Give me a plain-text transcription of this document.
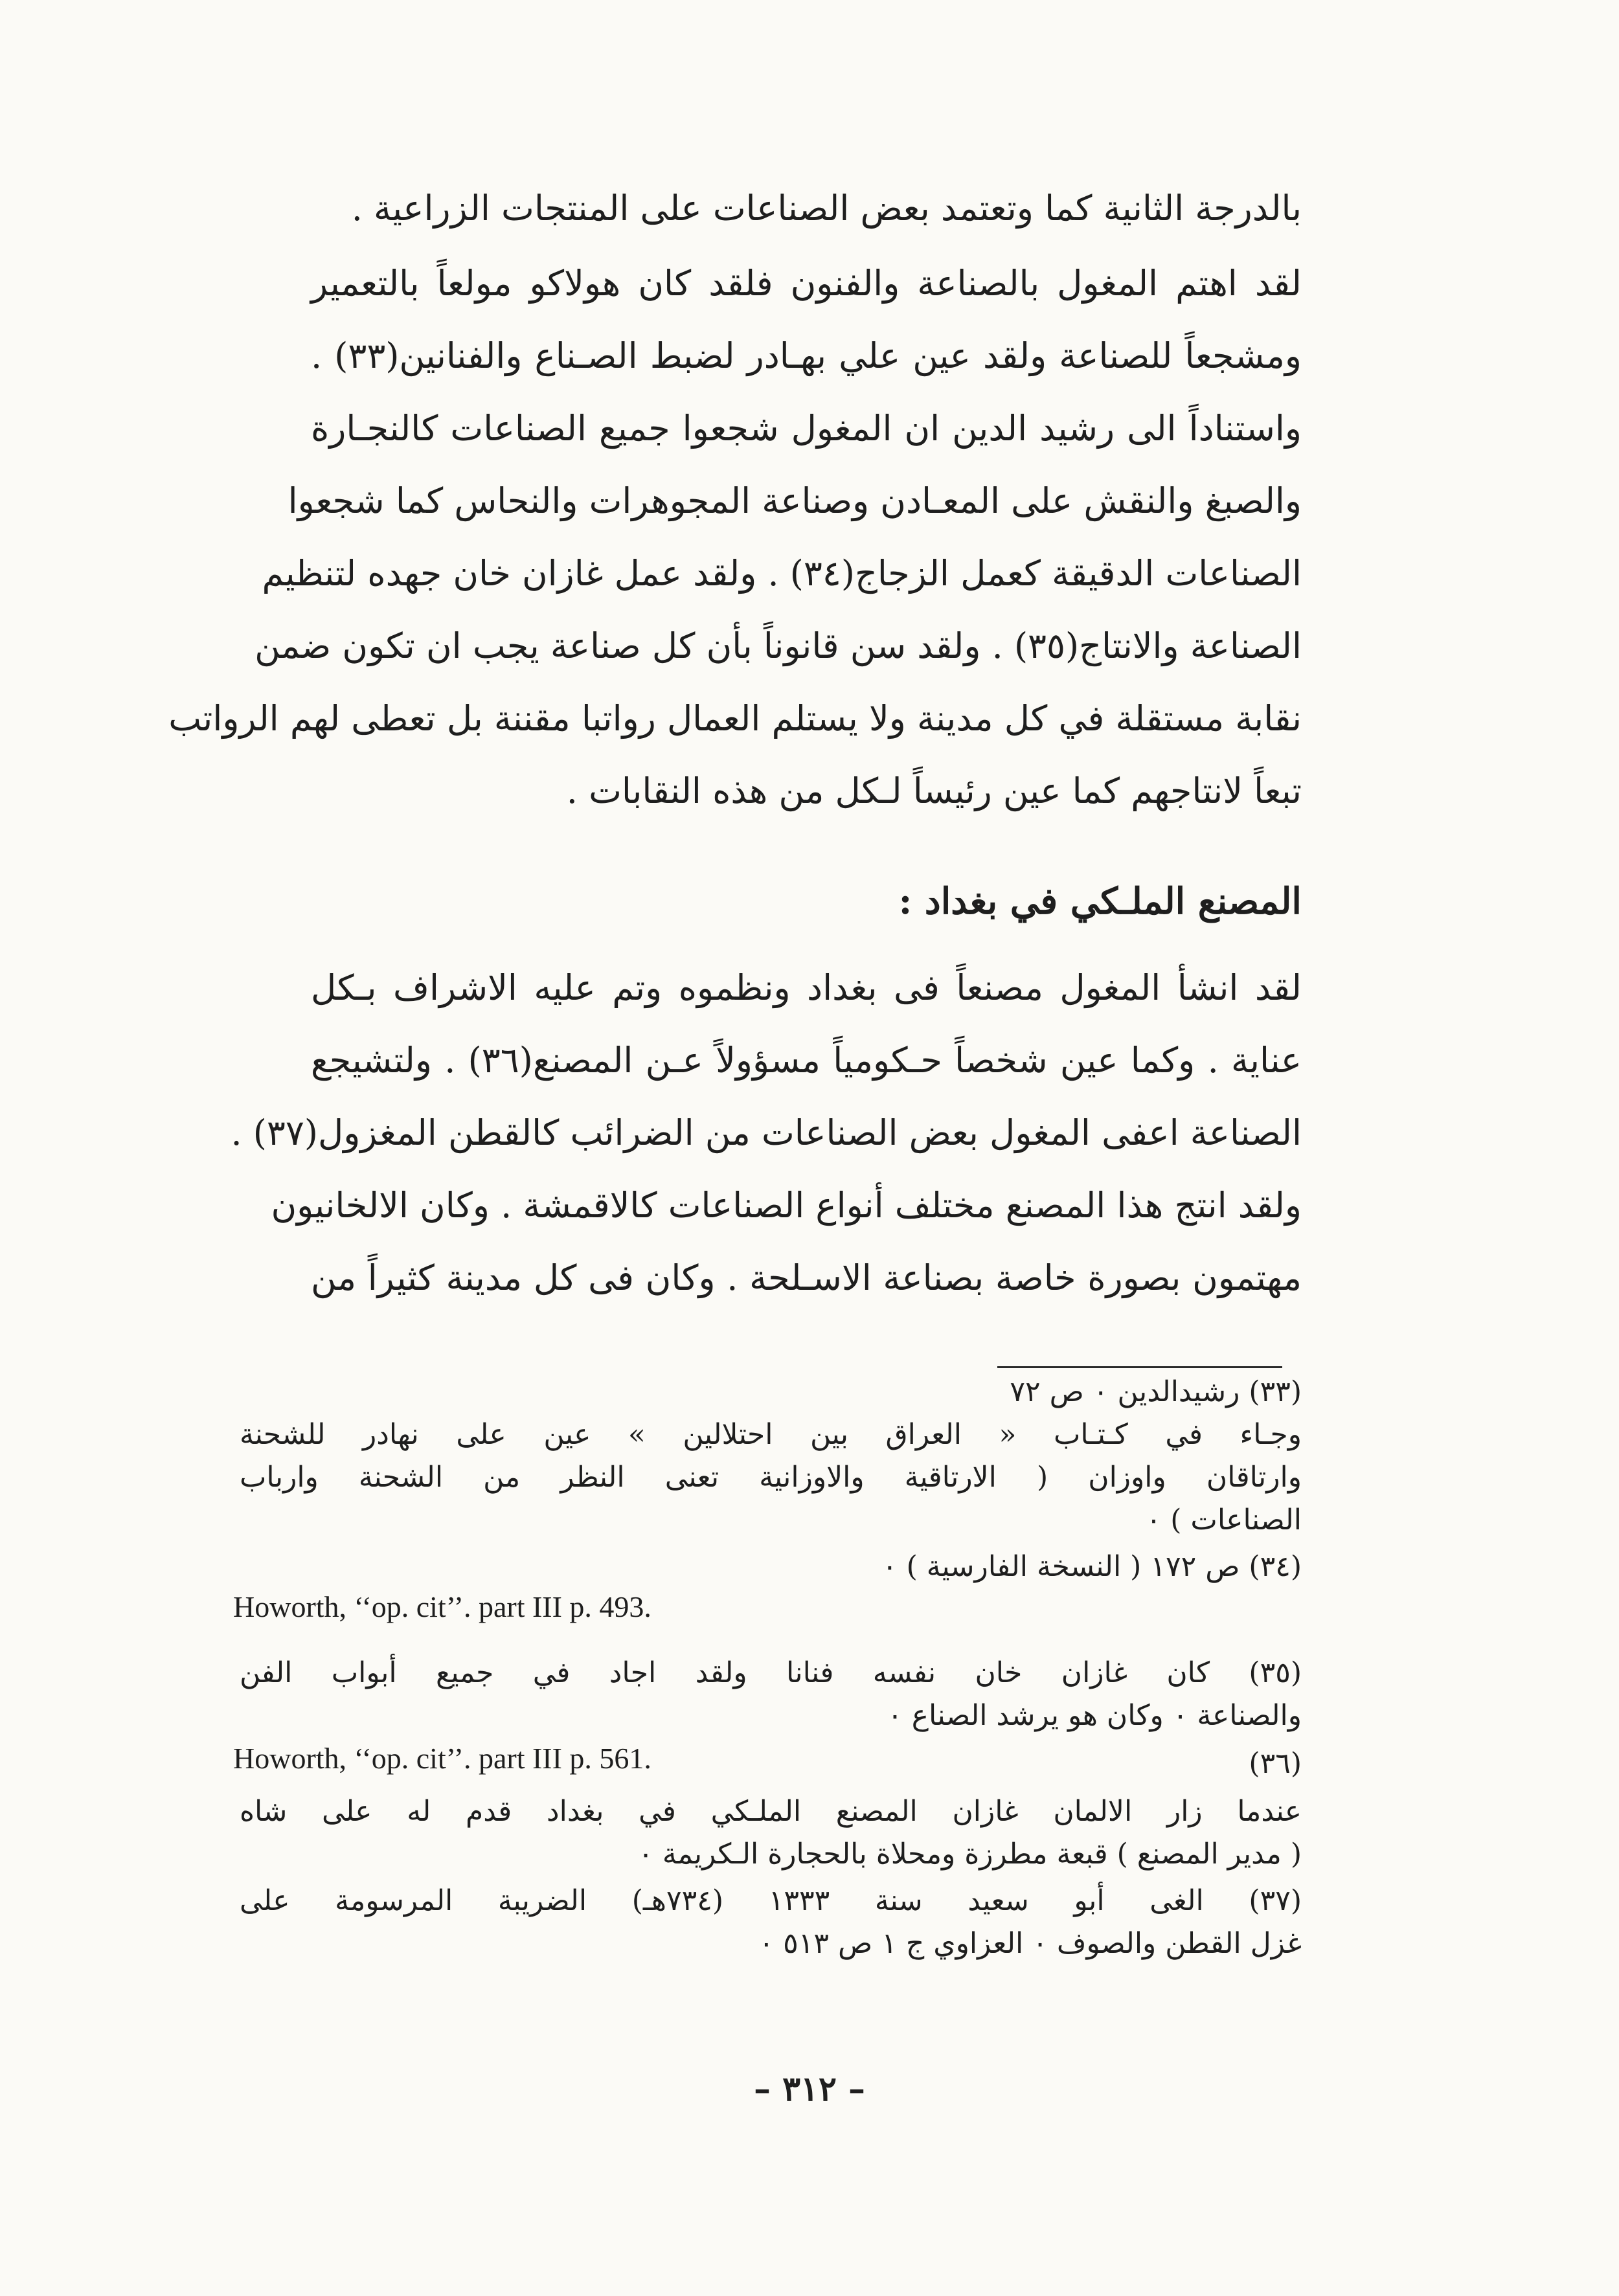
بالدرجة الثانية كما وتعتمد بعض الصناعات على المنتجات الزراعية .
لقد اهتم المغول بالصناعة والفنون فلقد كان هولاكو مولعاً بالتعمير
ومشجعاً للصناعة ولقد عين علي بهـادر لضبط الصـناع والفنانين(٣٣) .
واستناداً الى رشيد الدين ان المغول شجعوا جميع الصناعات كالنجـارة
والصبغ والنقش على المعـادن وصناعة المجوهرات والنحاس كما شجعوا
الصناعات الدقيقة كعمل الزجاج(٣٤) . ولقد عمل غازان خان جهده لتنظيم
الصناعة والانتاج(٣٥) . ولقد سن قانوناً بأن كل صناعة يجب ان تكون ضمن
نقابة مستقلة في كل مدينة ولا يستلم العمال رواتبا مقننة بل تعطى لهم الرواتب
تبعاً لانتاجهم كما عين رئيساً لـكل من هذه النقابات .
المصنع الملـكي في بغداد :
لقد انشأ المغول مصنعاً فى بغداد ونظموه وتم عليه الاشراف بـكل
عناية . وكما عين شخصاً حـكومياً مسؤولاً عـن المصنع(٣٦) . ولتشيجع
الصناعة اعفى المغول بعض الصناعات من الضرائب كالقطن المغزول(٣٧) .
ولقد انتج هذا المصنع مختلف أنواع الصناعات كالاقمشة . وكان الالخانيون
مهتمون بصورة خاصة بصناعة الاسـلحة . وكان فى كل مدينة كثيراً من
(٣٣) رشيدالدين ٠ ص ٧٢
وجـاء في كـتـاب « العراق بين احتلالين » عين على نهادر للشحنة
وارتاقان واوزان ( الارتاقية والاوزانية تعنى النظر من الشحنة وارباب
الصناعات ) ٠
(٣٤) ص ١٧٢ ( النسخة الفارسية ) ٠
Howorth, ‘‘op. cit’’. part III p. 493.
(٣٥) كان غازان خان نفسه فنانا ولقد اجاد في جميع أبواب الفن
والصناعة ٠ وكان هو يرشد الصناع ٠
Howorth, ‘‘op. cit’’. part III p. 561.	(٣٦)
عندما زار الالمان غازان المصنع الملـكي في بغداد قدم له على شاه
( مدير المصنع ) قبعة مطرزة ومحلاة بالحجارة الـكريمة ٠
(٣٧) الغى أبو سعيد سنة ١٣٣٣ (٧٣٤هـ) الضريبة المرسومة على
غزل القطن والصوف ٠ العزاوي ج ١ ص ٥١٣ ٠
– ٣١٢ –
